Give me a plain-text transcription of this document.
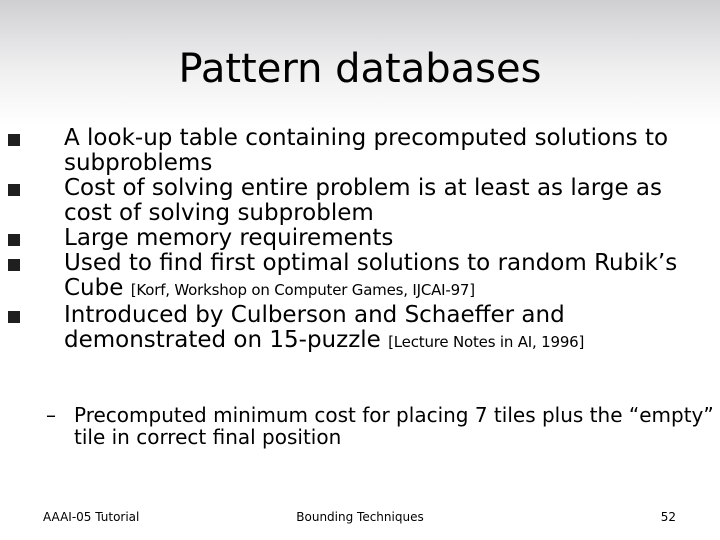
Pattern databases
A look-up table containing precomputed solutions to subproblems
Cost of solving entire problem is at least as large as cost of solving subproblem
Large memory requirements
Used to find first optimal solutions to random Rubik’s Cube [Korf, Workshop on Computer Games, IJCAI-97]
Introduced by Culberson and Schaeffer and demonstrated on 15-puzzle [Lecture Notes in AI, 1996]
– Precomputed minimum cost for placing 7 tiles plus the “empty” tile in correct final position
AAAI-05 Tutorial	Bounding Techniques	52
